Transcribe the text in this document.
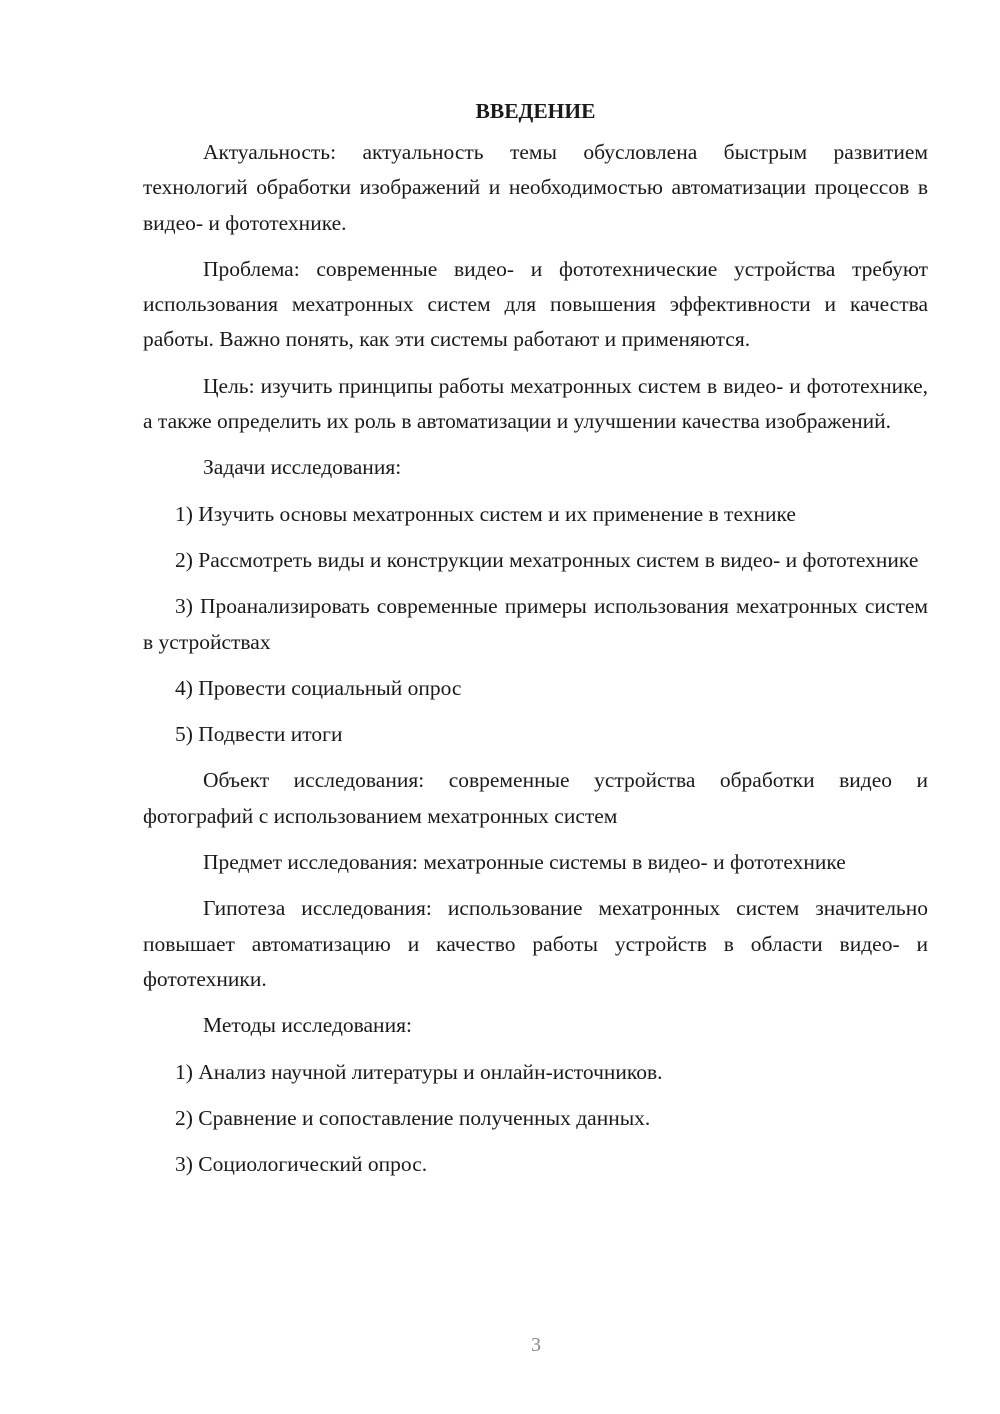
ВВЕДЕНИЕ

Актуальность: актуальность темы обусловлена быстрым развитием технологий обработки изображений и необходимостью автоматизации процессов в видео- и фототехнике.

Проблема: современные видео- и фототехнические устройства требуют использования мехатронных систем для повышения эффективности и качества работы. Важно понять, как эти системы работают и применяются.

Цель: изучить принципы работы мехатронных систем в видео- и фототехнике, а также определить их роль в автоматизации и улучшении качества изображений.

Задачи исследования:

1) Изучить основы мехатронных систем и их применение в технике

2) Рассмотреть виды и конструкции мехатронных систем в видео- и фототехнике

3) Проанализировать современные примеры использования мехатронных систем в устройствах

4) Провести социальный опрос

5) Подвести итоги

Объект исследования: современные устройства обработки видео и фотографий с использованием мехатронных систем

Предмет исследования: мехатронные системы в видео- и фототехнике

Гипотеза исследования: использование мехатронных систем значительно повышает автоматизацию и качество работы устройств в области видео- и фототехники.

Методы исследования:

1) Анализ научной литературы и онлайн-источников.

2) Сравнение и сопоставление полученных данных.

3) Социологический опрос.

3
